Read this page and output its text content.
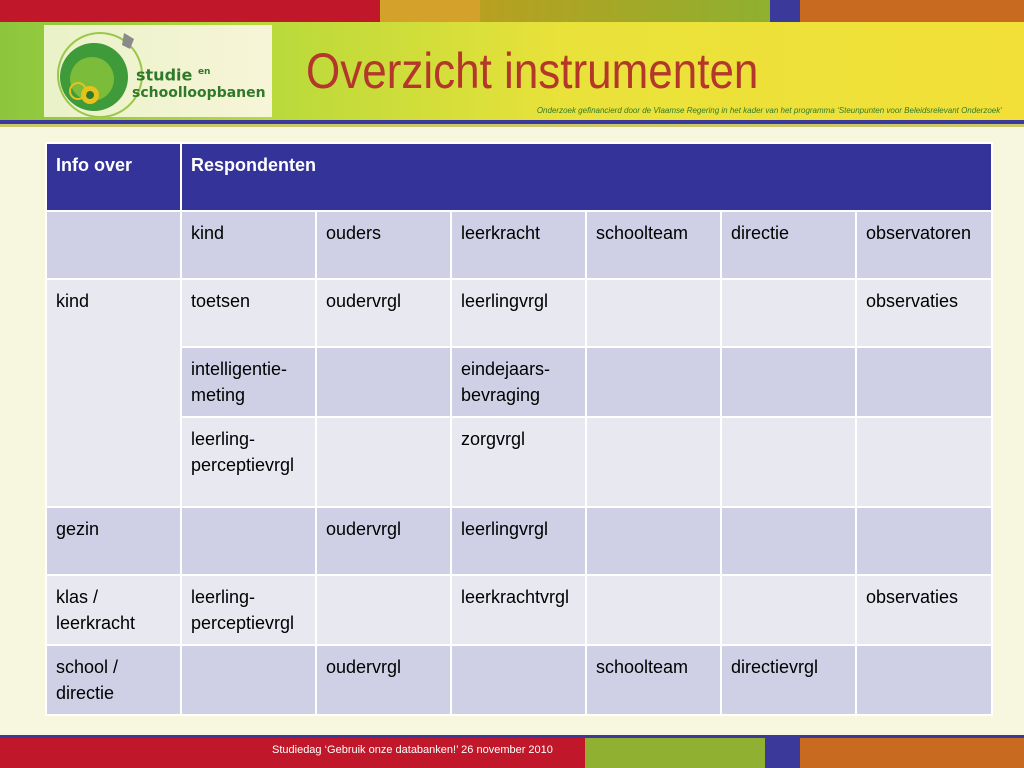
studie $^{en}$
schoolloopbanen Overzicht instrumenten
Onderzoek gefinancierd door de Vlaamse Regering in het kader van het programma ‘Steunpunten voor Beleidsrelevant Onderzoek’
Info over	Respondenten					
	kind	ouders	leerkracht	schoolteam	directie	observatoren
kind	toetsen	oudervrgl	leerlingvrgl			observaties
	intelligentie-meting		eindejaars-bevraging			
	leerling-perceptievrgl		zorgvrgl			
gezin		oudervrgl	leerlingvrgl			
klas / leerkracht	leerling-perceptievrgl		leerkrachtvrgl			observaties
school / directie		oudervrgl		schoolteam	directievrgl	
Studiedag ‘Gebruik onze databanken!’ 26 november 2010
